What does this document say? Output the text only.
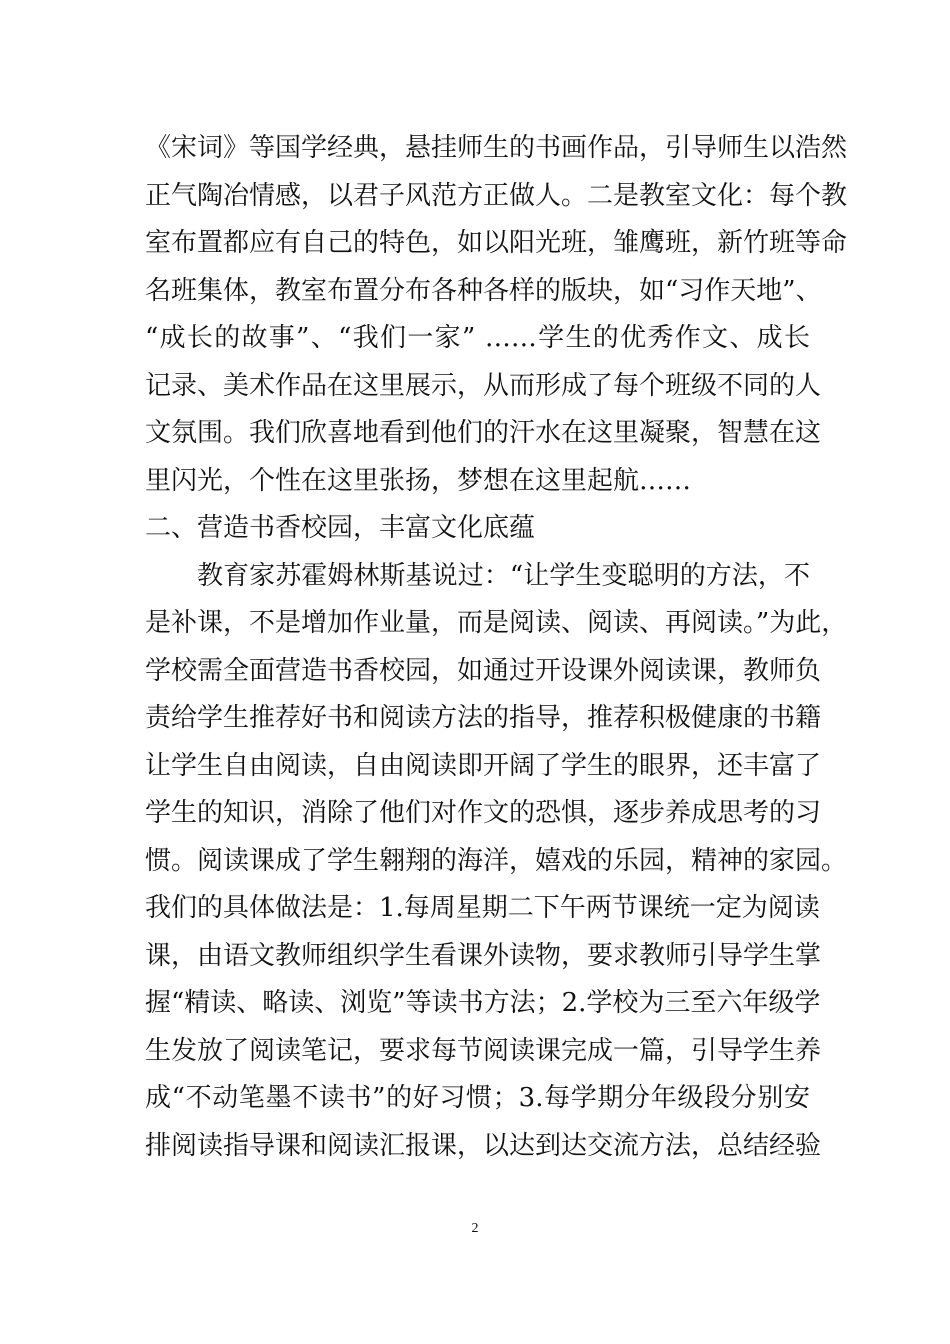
《宋词》等国学经典，悬挂师生的书画作品，引导师生以浩然
正气陶冶情感，以君子风范方正做人。二是教室文化：每个教
室布置都应有自己的特色，如以阳光班，雏鹰班，新竹班等命
名班集体，教室布置分布各种各样的版块，如“习作天地”、
“成长的故事”、“我们一家” ……学生的优秀作文、成长
记录、美术作品在这里展示，从而形成了每个班级不同的人
文氛围。我们欣喜地看到他们的汗水在这里凝聚，智慧在这
里闪光，个性在这里张扬，梦想在这里起航……
二、营造书香校园，丰富文化底蕴
教育家苏霍姆林斯基说过：“让学生变聪明的方法，不
是补课，不是增加作业量，而是阅读、阅读、再阅读。”为此，
学校需全面营造书香校园，如通过开设课外阅读课，教师负
责给学生推荐好书和阅读方法的指导，推荐积极健康的书籍
让学生自由阅读，自由阅读即开阔了学生的眼界，还丰富了
学生的知识，消除了他们对作文的恐惧，逐步养成思考的习
惯。阅读课成了学生翱翔的海洋，嬉戏的乐园，精神的家园。
我们的具体做法是：1.每周星期二下午两节课统一定为阅读
课，由语文教师组织学生看课外读物，要求教师引导学生掌
握“精读、略读、浏览”等读书方法；2.学校为三至六年级学
生发放了阅读笔记，要求每节阅读课完成一篇，引导学生养
成“不动笔墨不读书”的好习惯；3.每学期分年级段分别安
排阅读指导课和阅读汇报课，以达到达交流方法，总结经验
2
